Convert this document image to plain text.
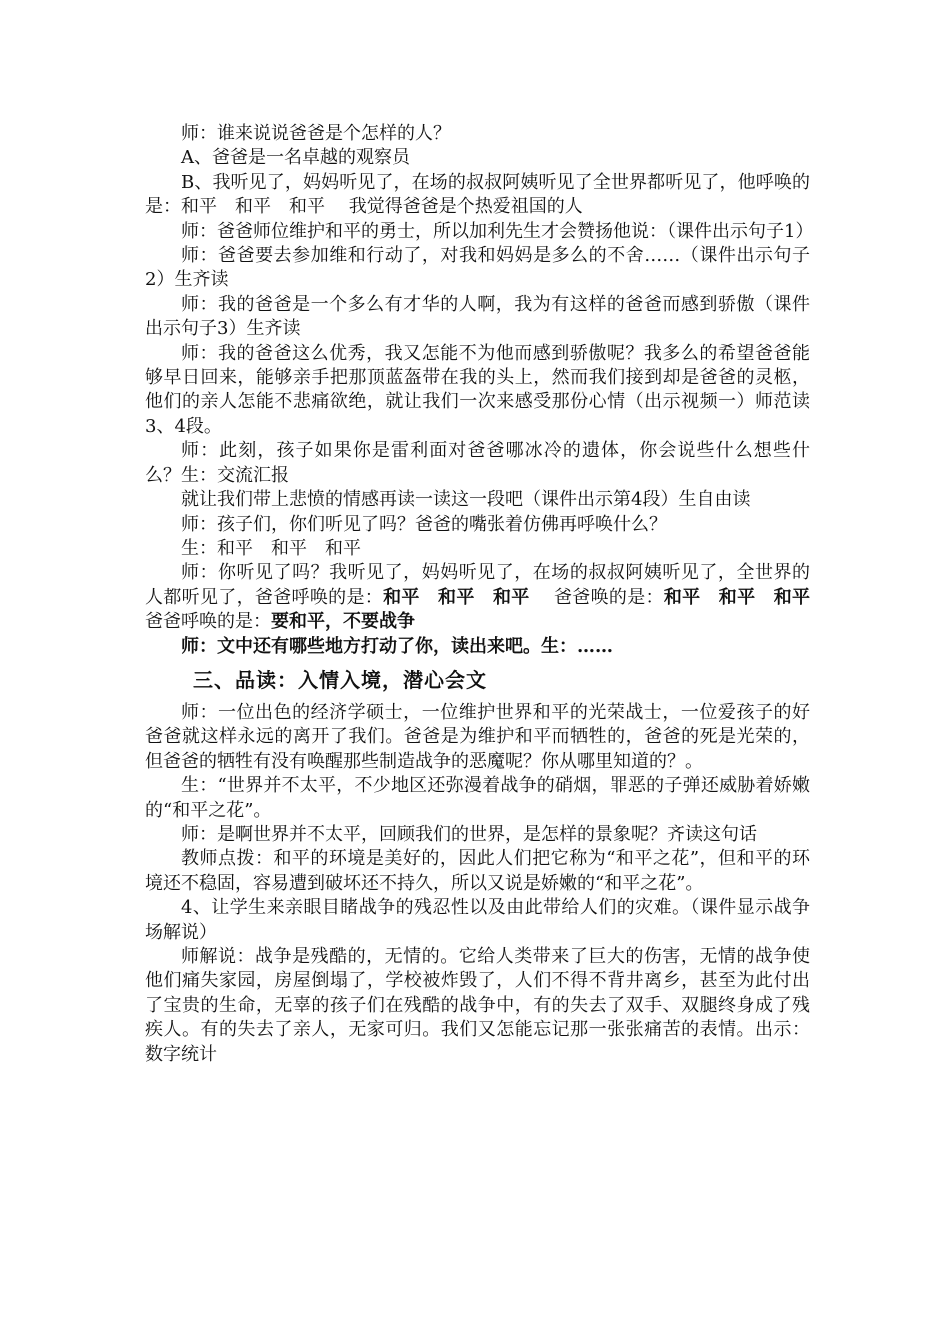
师：谁来说说爸爸是个怎样的人？

A、爸爸是一名卓越的观察员

B、我听见了，妈妈听见了，在场的叔叔阿姨听见了全世界都听见了，他呼唤的是：和平　和平　和平　 我觉得爸爸是个热爱祖国的人

师：爸爸师位维护和平的勇士，所以加利先生才会赞扬他说：（课件出示句子1）

师：爸爸要去参加维和行动了，对我和妈妈是多么的不舍……（课件出示句子2）生齐读

师：我的爸爸是一个多么有才华的人啊，我为有这样的爸爸而感到骄傲（课件出示句子3）生齐读

师：我的爸爸这么优秀，我又怎能不为他而感到骄傲呢？我多么的希望爸爸能够早日回来，能够亲手把那顶蓝盔带在我的头上，然而我们接到却是爸爸的灵柩，他们的亲人怎能不悲痛欲绝，就让我们一次来感受那份心情（出示视频一）师范读3、4段。

师：此刻，孩子如果你是雷利面对爸爸哪冰冷的遗体，你会说些什么想些什么？生：交流汇报

就让我们带上悲愤的情感再读一读这一段吧（课件出示第4段）生自由读

师：孩子们，你们听见了吗？爸爸的嘴张着仿佛再呼唤什么？

生：和平　和平　和平

师：你听见了吗？我听见了，妈妈听见了，在场的叔叔阿姨听见了，全世界的人都听见了，爸爸呼唤的是：和平　和平　和平　 爸爸唤的是：和平　和平　和平 爸爸呼唤的是：要和平，不要战争

师：文中还有哪些地方打动了你，读出来吧。生：……

三、品读：入情入境，潜心会文

师：一位出色的经济学硕士，一位维护世界和平的光荣战士，一位爱孩子的好爸爸就这样永远的离开了我们。爸爸是为维护和平而牺牲的，爸爸的死是光荣的，但爸爸的牺牲有没有唤醒那些制造战争的恶魔呢？你从哪里知道的？。

生：“世界并不太平，不少地区还弥漫着战争的硝烟，罪恶的子弹还威胁着娇嫩的“和平之花”。

师：是啊世界并不太平，回顾我们的世界，是怎样的景象呢？齐读这句话

教师点拨：和平的环境是美好的，因此人们把它称为“和平之花”，但和平的环境还不稳固，容易遭到破坏还不持久，所以又说是娇嫩的“和平之花”。

4、让学生来亲眼目睹战争的残忍性以及由此带给人们的灾难。（课件显示战争场解说）

师解说：战争是残酷的，无情的。它给人类带来了巨大的伤害，无情的战争使他们痛失家园，房屋倒塌了，学校被炸毁了，人们不得不背井离乡，甚至为此付出了宝贵的生命，无辜的孩子们在残酷的战争中，有的失去了双手、双腿终身成了残疾人。有的失去了亲人，无家可归。我们又怎能忘记那一张张痛苦的表情。出示：数字统计
